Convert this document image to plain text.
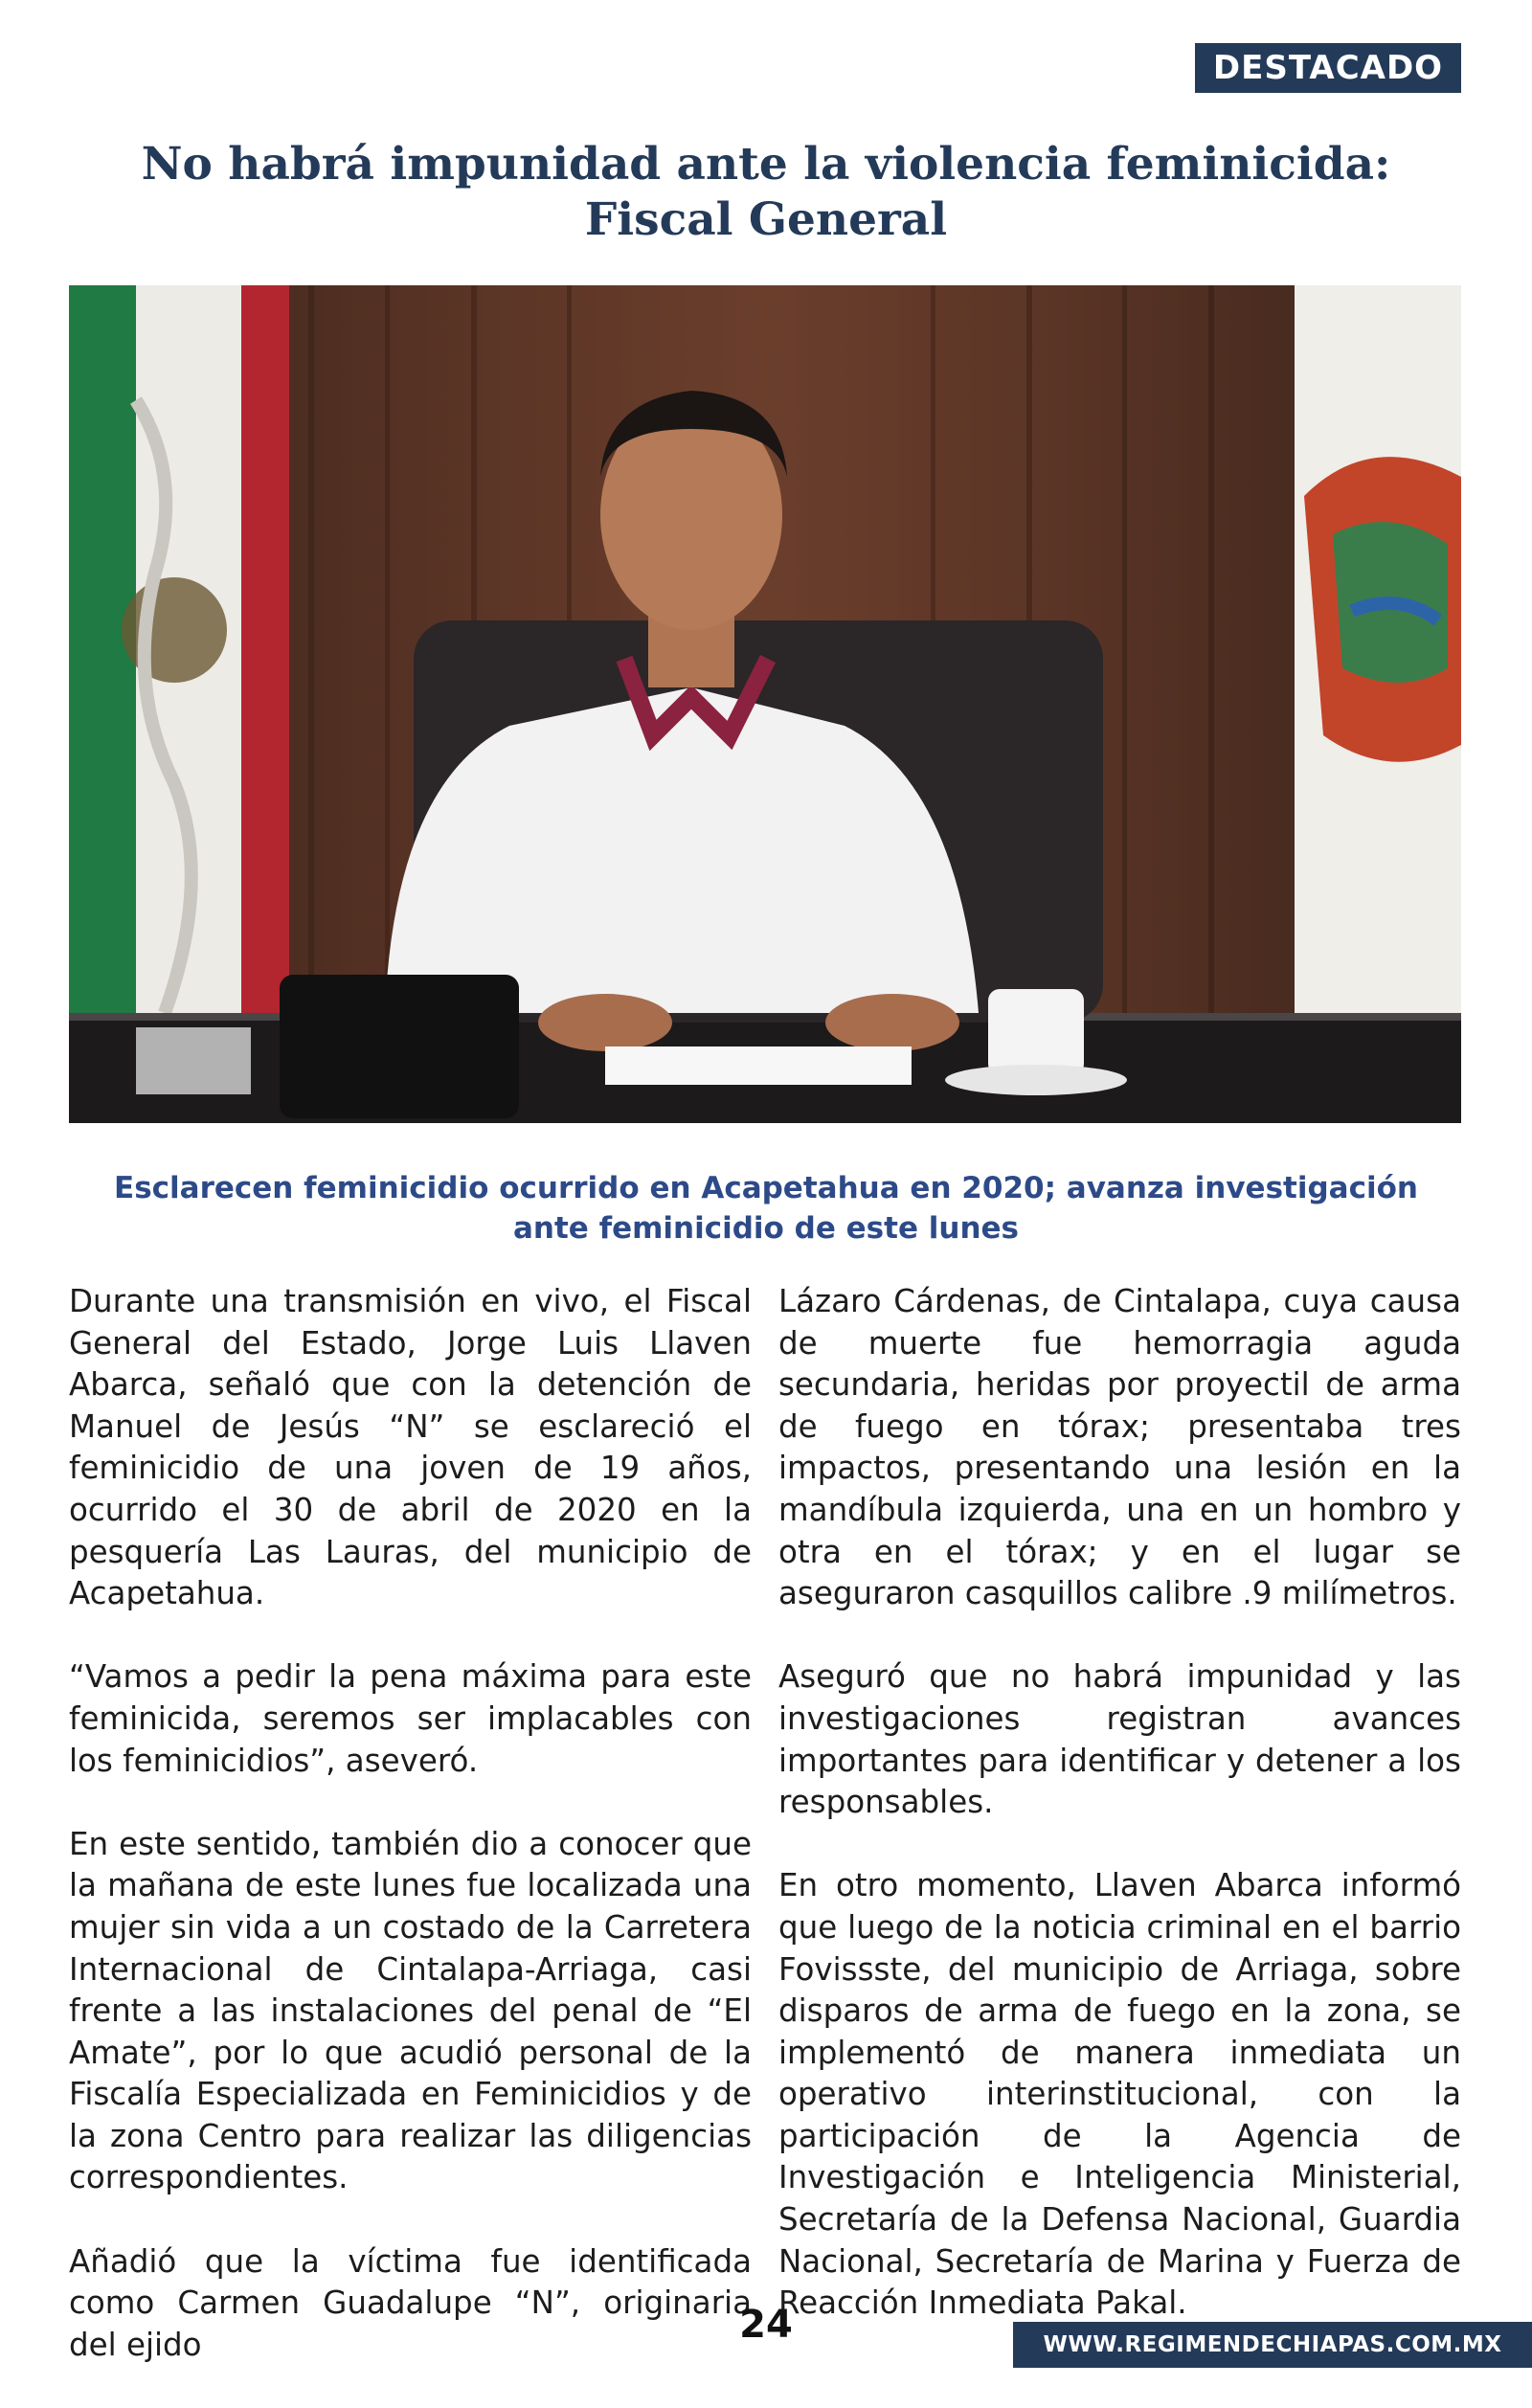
DESTACADO
No habrá impunidad ante la violencia feminicida: Fiscal General
Esclarecen feminicidio ocurrido en Acapetahua en 2020; avanza investigación ante feminicidio de este lunes

Durante una transmisión en vivo, el Fiscal General del Estado, Jorge Luis Llaven Abarca, señaló que con la detención de Manuel de Jesús “N” se esclareció el feminicidio de una joven de 19 años, ocurrido el 30 de abril de 2020 en la pesquería Las Lauras, del municipio de Acapetahua.

“Vamos a pedir la pena máxima para este feminicida, seremos ser implacables con los feminicidios”, aseveró.

En este sentido, también dio a conocer que la mañana de este lunes fue localizada una mujer sin vida a un costado de la Carretera Internacional de Cintalapa-Arriaga, casi frente a las instalaciones del penal de “El Amate”, por lo que acudió personal de la Fiscalía Especializada en Feminicidios y de la zona Centro para realizar las diligencias correspondientes.

Añadió que la víctima fue identificada como Carmen Guadalupe “N”, originaria del ejido

Lázaro Cárdenas, de Cintalapa, cuya causa de muerte fue hemorragia aguda secundaria, heridas por proyectil de arma de fuego en tórax; presentaba tres impactos, presentando una lesión en la mandíbula izquierda, una en un hombro y otra en el tórax; y en el lugar se aseguraron casquillos calibre .9 milímetros.

Aseguró que no habrá impunidad y las investigaciones registran avances importantes para identificar y detener a los responsables.

En otro momento, Llaven Abarca informó que luego de la noticia criminal en el barrio Fovissste, del municipio de Arriaga, sobre disparos de arma de fuego en la zona, se implementó de manera inmediata un operativo interinstitucional, con la participación de la Agencia de Investigación e Inteligencia Ministerial, Secretaría de la Defensa Nacional, Guardia Nacional, Secretaría de Marina y Fuerza de Reacción Inmediata Pakal.

24	WWW.REGIMENDECHIAPAS.COM.MX
